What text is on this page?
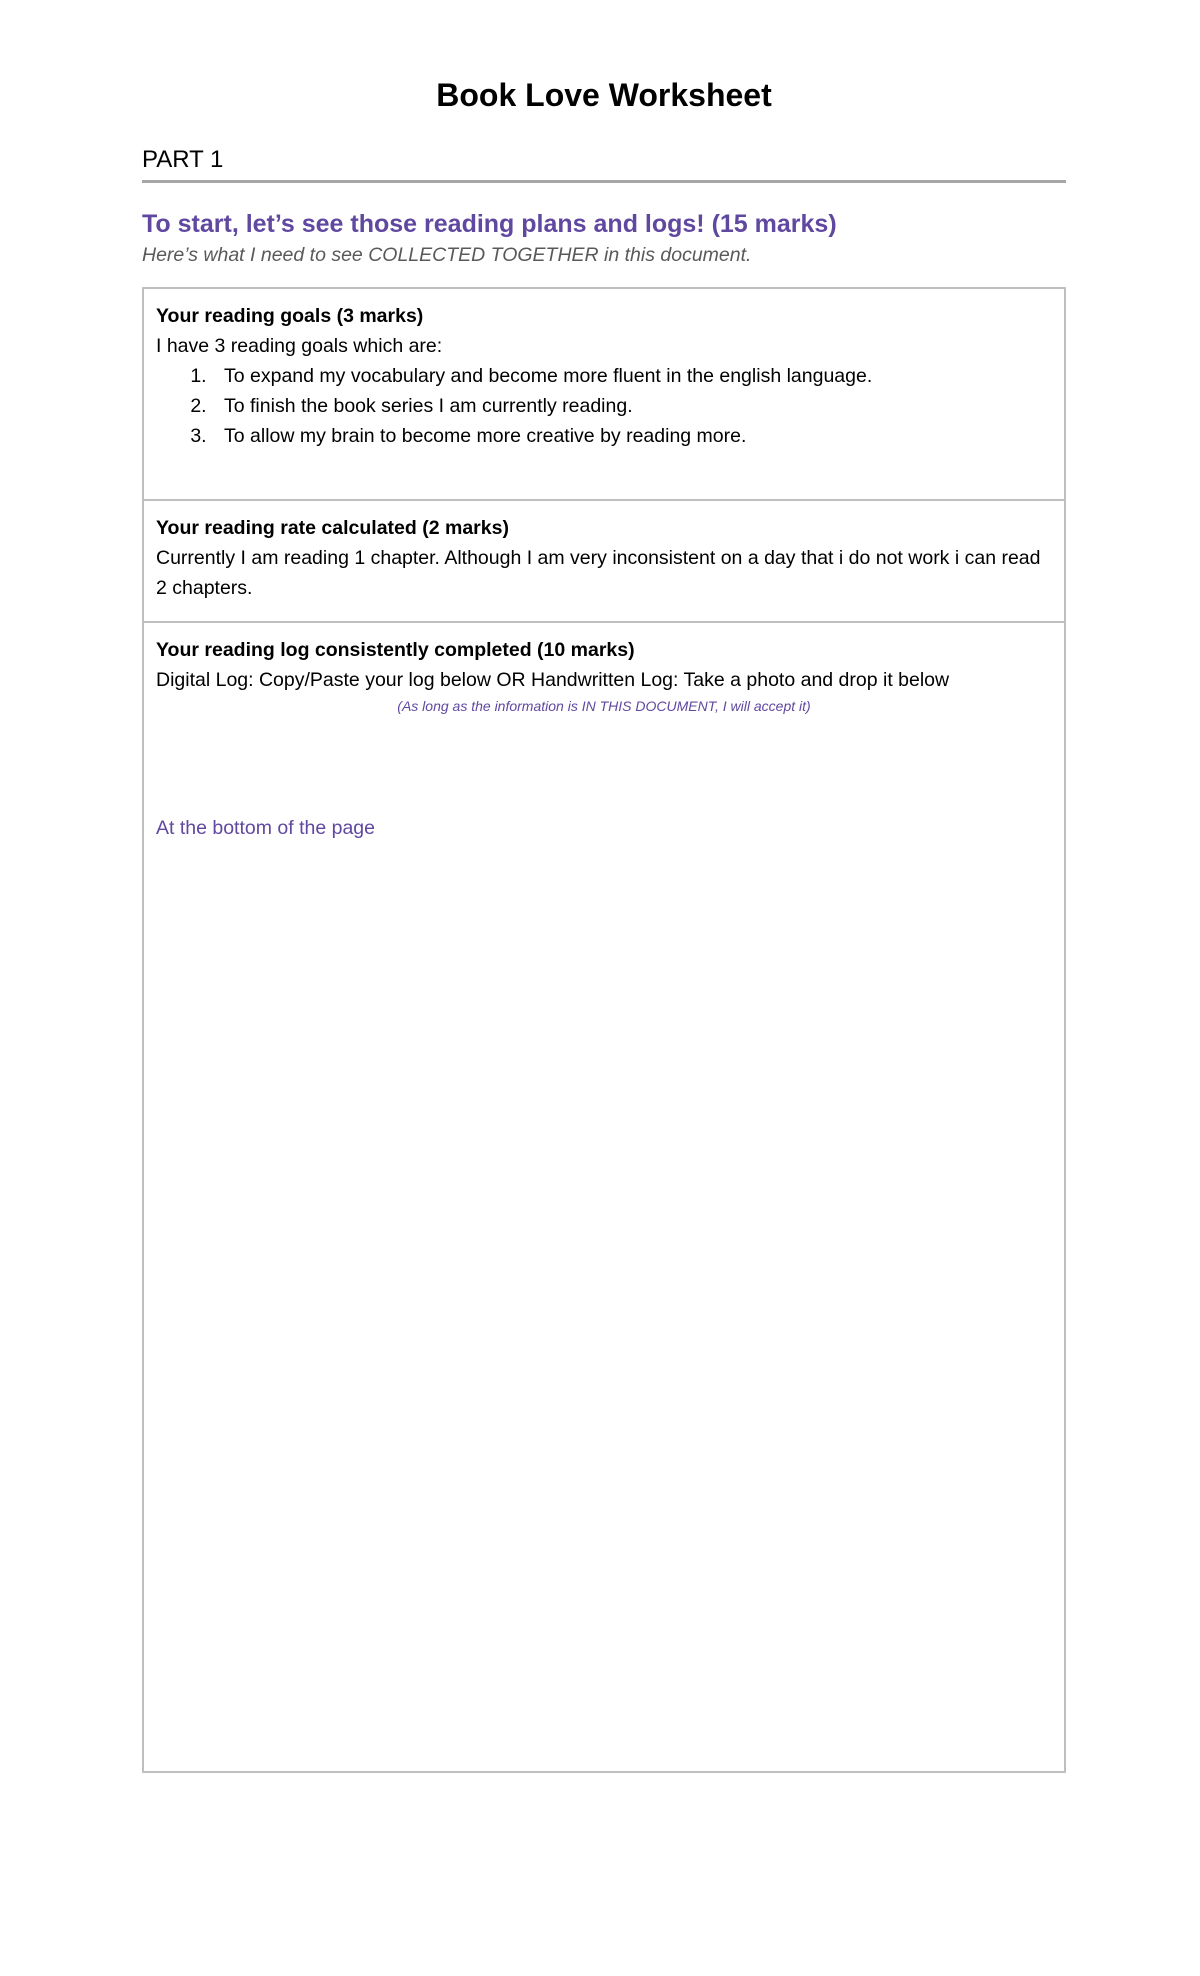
Book Love Worksheet
PART 1
To start, let’s see those reading plans and logs! (15 marks)
Here’s what I need to see COLLECTED TOGETHER in this document.
Your reading goals (3 marks)
I have 3 reading goals which are:
1. To expand my vocabulary and become more fluent in the english language.
2. To finish the book series I am currently reading.
3. To allow my brain to become more creative by reading more.
Your reading rate calculated (2 marks)
Currently I am reading 1 chapter. Although I am very inconsistent on a day that i do not work i can read 2 chapters.
Your reading log consistently completed (10 marks)
Digital Log: Copy/Paste your log below OR Handwritten Log: Take a photo and drop it below
(As long as the information is IN THIS DOCUMENT, I will accept it)
At the bottom of the page
